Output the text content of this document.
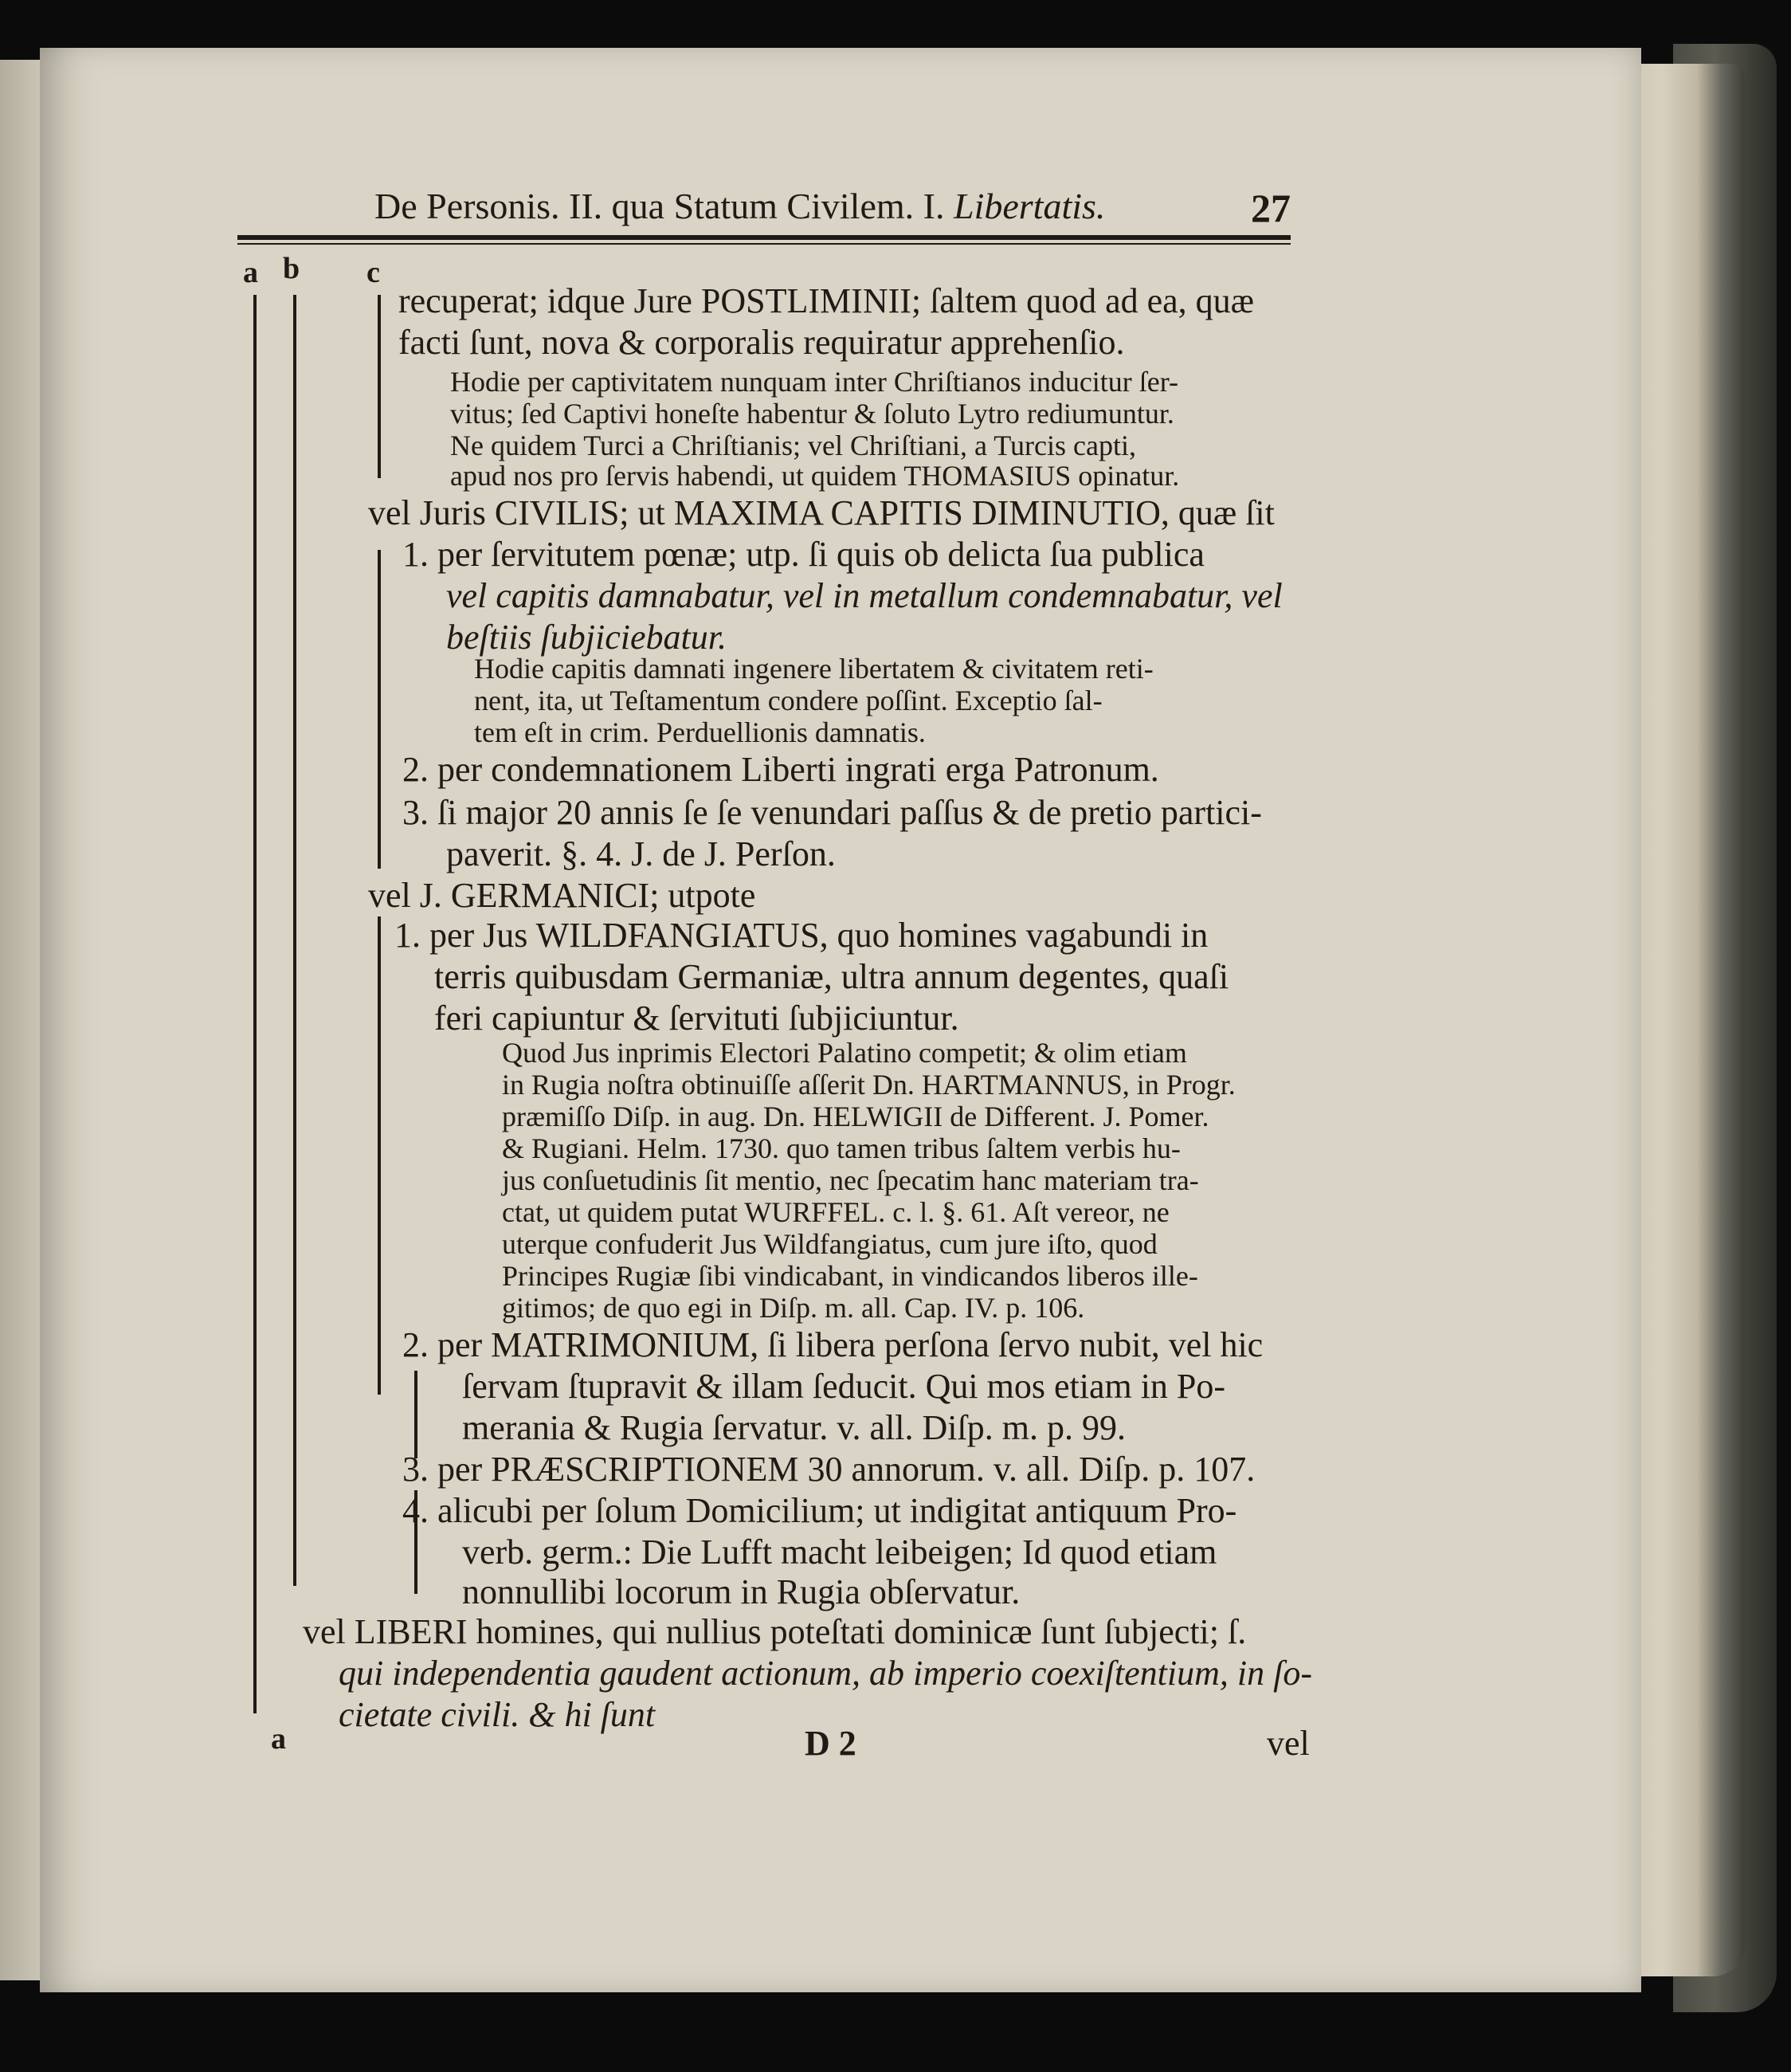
De Personis. II. qua Statum Civilem. I. Libertatis.	27
a b c
a
recuperat; idque Jure POSTLIMINII; ſaltem quod ad ea, quæ
facti ſunt, nova & corporalis requiratur apprehenſio.
Hodie per captivitatem nunquam inter Chriſtianos inducitur ſer-
vitus; ſed Captivi honeſte habentur & ſoluto Lytro rediumuntur.
Ne quidem Turci a Chriſtianis; vel Chriſtiani, a Turcis capti,
apud nos pro ſervis habendi, ut quidem THOMASIUS opinatur.
vel Juris CIVILIS; ut MAXIMA CAPITIS DIMINUTIO, quæ ſit
1. per ſervitutem pœnæ; utp. ſi quis ob delicta ſua publica
vel capitis damnabatur, vel in metallum condemnabatur, vel
beſtiis ſubjiciebatur.
Hodie capitis damnati ingenere libertatem & civitatem reti-
nent, ita, ut Teſtamentum condere poſſint. Exceptio ſal-
tem eſt in crim. Perduellionis damnatis.
2. per condemnationem Liberti ingrati erga Patronum.
3. ſi major 20 annis ſe ſe venundari paſſus & de pretio partici-
paverit. §. 4. J. de J. Perſon.
vel J. GERMANICI; utpote
1. per Jus WILDFANGIATUS, quo homines vagabundi in
terris quibusdam Germaniæ, ultra annum degentes, quaſi
feri capiuntur & ſervituti ſubjiciuntur.
Quod Jus inprimis Electori Palatino competit; & olim etiam
in Rugia noſtra obtinuiſſe aſſerit Dn. HARTMANNUS, in Progr.
præmiſſo Diſp. in aug. Dn. HELWIGII de Different. J. Pomer.
& Rugiani. Helm. 1730. quo tamen tribus ſaltem verbis hu-
jus conſuetudinis ſit mentio, nec ſpecatim hanc materiam tra-
ctat, ut quidem putat WURFFEL. c. l. §. 61. Aſt vereor, ne
uterque confuderit Jus Wildfangiatus, cum jure iſto, quod
Principes Rugiæ ſibi vindicabant, in vindicandos liberos ille-
gitimos; de quo egi in Diſp. m. all. Cap. IV. p. 106.
2. per MATRIMONIUM, ſi libera perſona ſervo nubit, vel hic
ſervam ſtupravit & illam ſeducit. Qui mos etiam in Po-
merania & Rugia ſervatur. v. all. Diſp. m. p. 99.
3. per PRÆSCRIPTIONEM 30 annorum. v. all. Diſp. p. 107.
4. alicubi per ſolum Domicilium; ut indigitat antiquum Pro-
verb. germ.: Die Lufft macht leibeigen; Id quod etiam
nonnullibi locorum in Rugia obſervatur.
vel LIBERI homines, qui nullius poteſtati dominicæ ſunt ſubjecti; ſ.
qui independentia gaudent actionum, ab imperio coexiſtentium, in ſo-
cietate civili. & hi ſunt
D 2	vel
